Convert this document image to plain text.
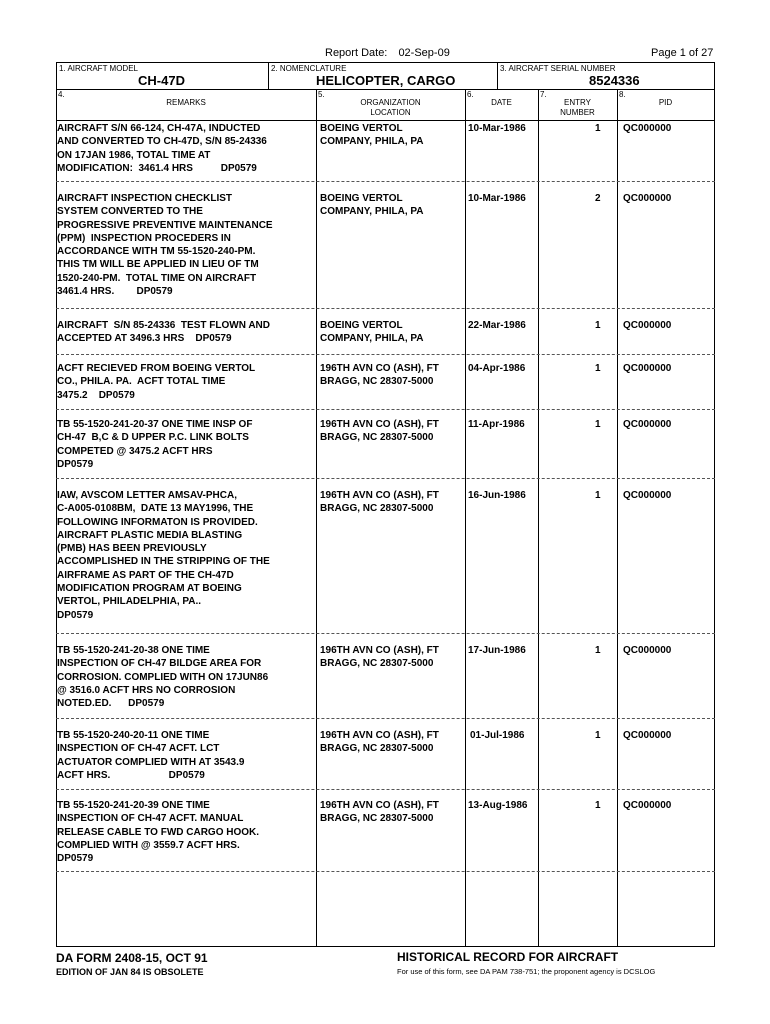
Report Date: 02-Sep-09	Page 1 of 27
1. AIRCRAFT MODEL
CH-47D
2. NOMENCLATURE
HELICOPTER, CARGO
3. AIRCRAFT SERIAL NUMBER
8524336
4.
REMARKS
5.
ORGANIZATION
LOCATION
6.
DATE
7.
ENTRY
NUMBER
8.
PID
AIRCRAFT S/N 66-124, CH-47A, INDUCTED
AND CONVERTED TO CH-47D, S/N 85-24336
ON 17JAN 1986, TOTAL TIME AT
MODIFICATION:  3461.4 HRS          DP0579
BOEING VERTOL
COMPANY, PHILA, PA
10-Mar-1986	1 QC000000
AIRCRAFT INSPECTION CHECKLIST
SYSTEM CONVERTED TO THE
PROGRESSIVE PREVENTIVE MAINTENANCE
(PPM)  INSPECTION PROCEDERS IN
ACCORDANCE WITH TM 55-1520-240-PM.
THIS TM WILL BE APPLIED IN LIEU OF TM
1520-240-PM.  TOTAL TIME ON AIRCRAFT
3461.4 HRS.        DP0579
BOEING VERTOL
COMPANY, PHILA, PA
10-Mar-1986	2 QC000000
AIRCRAFT  S/N 85-24336  TEST FLOWN AND
ACCEPTED AT 3496.3 HRS    DP0579
BOEING VERTOL
COMPANY, PHILA, PA
22-Mar-1986	1 QC000000
ACFT RECIEVED FROM BOEING VERTOL
CO., PHILA. PA.  ACFT TOTAL TIME
3475.2    DP0579
196TH AVN CO (ASH), FT
BRAGG, NC 28307-5000
04-Apr-1986	1 QC000000
TB 55-1520-241-20-37 ONE TIME INSP OF
CH-47  B,C & D UPPER P.C. LINK BOLTS
COMPETED @ 3475.2 ACFT HRS
DP0579
196TH AVN CO (ASH), FT
BRAGG, NC 28307-5000
11-Apr-1986	1 QC000000
IAW, AVSCOM LETTER AMSAV-PHCA,
C-A005-0108BM,  DATE 13 MAY1996, THE
FOLLOWING INFORMATON IS PROVIDED.
AIRCRAFT PLASTIC MEDIA BLASTING
(PMB) HAS BEEN PREVIOUSLY
ACCOMPLISHED IN THE STRIPPING OF THE
AIRFRAME AS PART OF THE CH-47D
MODIFICATION PROGRAM AT BOEING
VERTOL, PHILADELPHIA, PA..
DP0579
196TH AVN CO (ASH), FT
BRAGG, NC 28307-5000
16-Jun-1986	1 QC000000
TB 55-1520-241-20-38 ONE TIME
INSPECTION OF CH-47 BILDGE AREA FOR
CORROSION. COMPLIED WITH ON 17JUN86
@ 3516.0 ACFT HRS NO CORROSION
NOTED.ED.      DP0579
196TH AVN CO (ASH), FT
BRAGG, NC 28307-5000
17-Jun-1986	1 QC000000
TB 55-1520-240-20-11 ONE TIME
INSPECTION OF CH-47 ACFT. LCT
ACTUATOR COMPLIED WITH AT 3543.9
ACFT HRS.                     DP0579
196TH AVN CO (ASH), FT
BRAGG, NC 28307-5000
01-Jul-1986	1 QC000000
TB 55-1520-241-20-39 ONE TIME
INSPECTION OF CH-47 ACFT. MANUAL
RELEASE CABLE TO FWD CARGO HOOK.
COMPLIED WITH @ 3559.7 ACFT HRS.
DP0579
196TH AVN CO (ASH), FT
BRAGG, NC 28307-5000
13-Aug-1986	1 QC000000
DA FORM 2408-15, OCT 91
EDITION OF JAN 84 IS OBSOLETE
HISTORICAL RECORD FOR AIRCRAFT
For use of this form, see DA PAM 738-751; the proponent agency is DCSLOG
